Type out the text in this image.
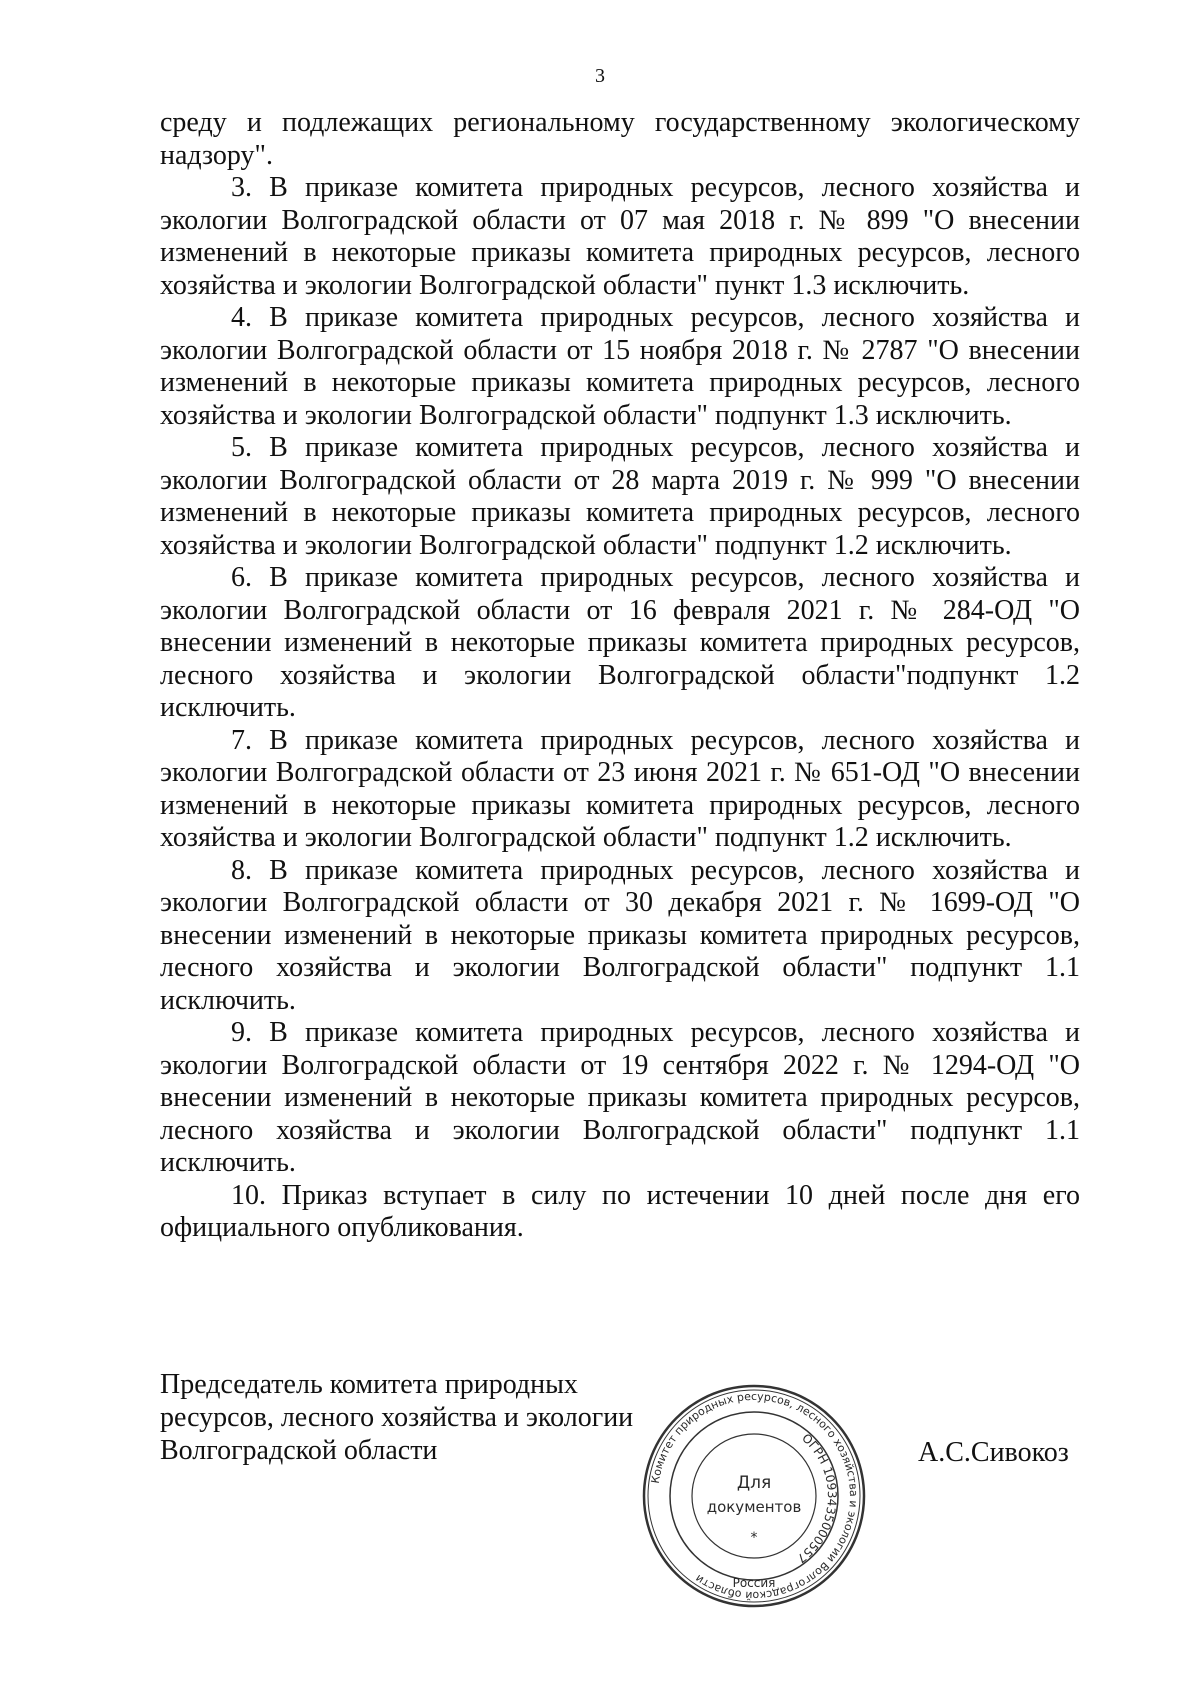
3

среду и подлежащих региональному государственному экологическому надзору".

3. В приказе комитета природных ресурсов, лесного хозяйства и экологии Волгоградской области от 07 мая 2018 г. № 899 "О внесении изменений в некоторые приказы комитета природных ресурсов, лесного хозяйства и экологии Волгоградской области" пункт 1.3 исключить.

4. В приказе комитета природных ресурсов, лесного хозяйства и экологии Волгоградской области от 15 ноября 2018 г. № 2787 "О внесении изменений в некоторые приказы комитета природных ресурсов, лесного хозяйства и экологии Волгоградской области" подпункт 1.3 исключить.

5. В приказе комитета природных ресурсов, лесного хозяйства и экологии Волгоградской области от 28 марта 2019 г. № 999 "О внесении изменений в некоторые приказы комитета природных ресурсов, лесного хозяйства и экологии Волгоградской области" подпункт 1.2 исключить.

6. В приказе комитета природных ресурсов, лесного хозяйства и экологии Волгоградской области от 16 февраля 2021 г. № 284-ОД "О внесении изменений в некоторые приказы комитета природных ресурсов, лесного хозяйства и экологии Волгоградской области"подпункт 1.2 исключить.

7. В приказе комитета природных ресурсов, лесного хозяйства и экологии Волгоградской области от 23 июня 2021 г. № 651-ОД "О внесении изменений в некоторые приказы комитета природных ресурсов, лесного хозяйства и экологии Волгоградской области" подпункт 1.2 исключить.

8. В приказе комитета природных ресурсов, лесного хозяйства и экологии Волгоградской области от 30 декабря 2021 г. № 1699-ОД "О внесении изменений в некоторые приказы комитета природных ресурсов, лесного хозяйства и экологии Волгоградской области" подпункт 1.1 исключить.

9. В приказе комитета природных ресурсов, лесного хозяйства и экологии Волгоградской области от 19 сентября 2022 г. № 1294-ОД "О внесении изменений в некоторые приказы комитета природных ресурсов, лесного хозяйства и экологии Волгоградской области" подпункт 1.1 исключить.

10. Приказ вступает в силу по истечении 10 дней после дня его официального опубликования.

Председатель комитета природных
ресурсов, лесного хозяйства и экологии
Волгоградской области
Комитет природных ресурсов, лесного хозяйства и экологии Волгоградской области
ОГРН 1093435000557
Для
документов
*
Россия
А.С.Сивокоз
